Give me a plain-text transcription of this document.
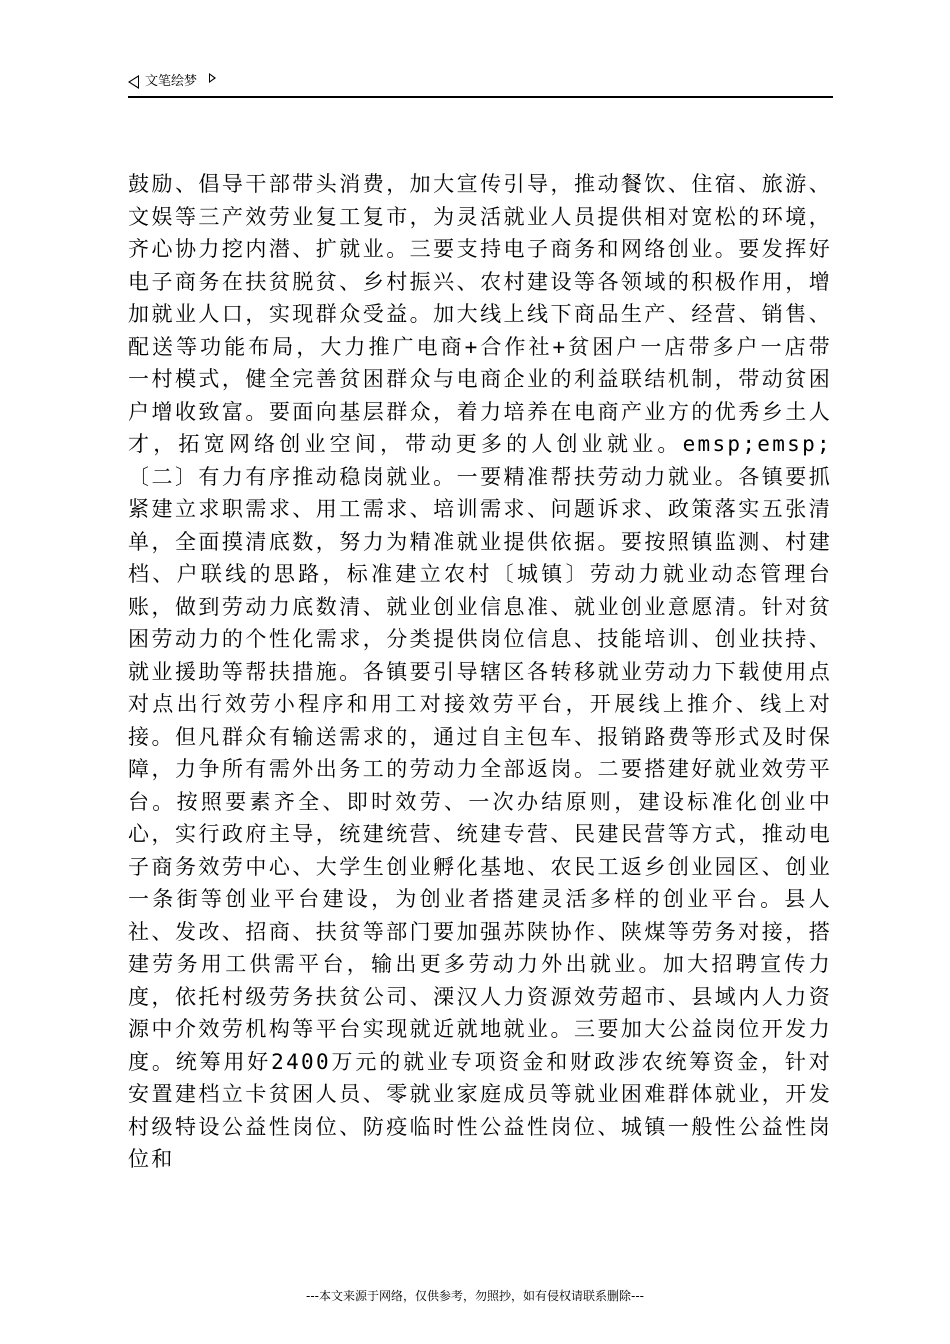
文笔绘梦

鼓励、倡导干部带头消费，加大宣传引导，推动餐饮、住宿、旅游、文娱等三产效劳业复工复市，为灵活就业人员提供相对宽松的环境，齐心协力挖内潜、扩就业。三要支持电子商务和网络创业。要发挥好电子商务在扶贫脱贫、乡村振兴、农村建设等各领域的积极作用，增加就业人口，实现群众受益。加大线上线下商品生产、经营、销售、配送等功能布局，大力推广电商+合作社+贫困户一店带多户一店带一村模式，健全完善贫困群众与电商企业的利益联结机制，带动贫困户增收致富。要面向基层群众，着力培养在电商产业方的优秀乡土人才，拓宽网络创业空间，带动更多的人创业就业。emsp;emsp;〔二〕有力有序推动稳岗就业。一要精准帮扶劳动力就业。各镇要抓紧建立求职需求、用工需求、培训需求、问题诉求、政策落实五张清单，全面摸清底数，努力为精准就业提供依据。要按照镇监测、村建档、户联线的思路，标准建立农村〔城镇〕劳动力就业动态管理台账，做到劳动力底数清、就业创业信息准、就业创业意愿清。针对贫困劳动力的个性化需求，分类提供岗位信息、技能培训、创业扶持、就业援助等帮扶措施。各镇要引导辖区各转移就业劳动力下载使用点对点出行效劳小程序和用工对接效劳平台，开展线上推介、线上对接。但凡群众有输送需求的，通过自主包车、报销路费等形式及时保障，力争所有需外出务工的劳动力全部返岗。二要搭建好就业效劳平台。按照要素齐全、即时效劳、一次办结原则，建设标准化创业中心，实行政府主导，统建统营、统建专营、民建民营等方式，推动电子商务效劳中心、大学生创业孵化基地、农民工返乡创业园区、创业一条街等创业平台建设，为创业者搭建灵活多样的创业平台。县人社、发改、招商、扶贫等部门要加强苏陕协作、陕煤等劳务对接，搭建劳务用工供需平台，输出更多劳动力外出就业。加大招聘宣传力度，依托村级劳务扶贫公司、溧汉人力资源效劳超市、县域内人力资源中介效劳机构等平台实现就近就地就业。三要加大公益岗位开发力度。统筹用好2400万元的就业专项资金和财政涉农统筹资金，针对安置建档立卡贫困人员、零就业家庭成员等就业困难群体就业，开发村级特设公益性岗位、防疫临时性公益性岗位、城镇一般性公益性岗位和

---本文来源于网络，仅供参考，勿照抄，如有侵权请联系删除---
